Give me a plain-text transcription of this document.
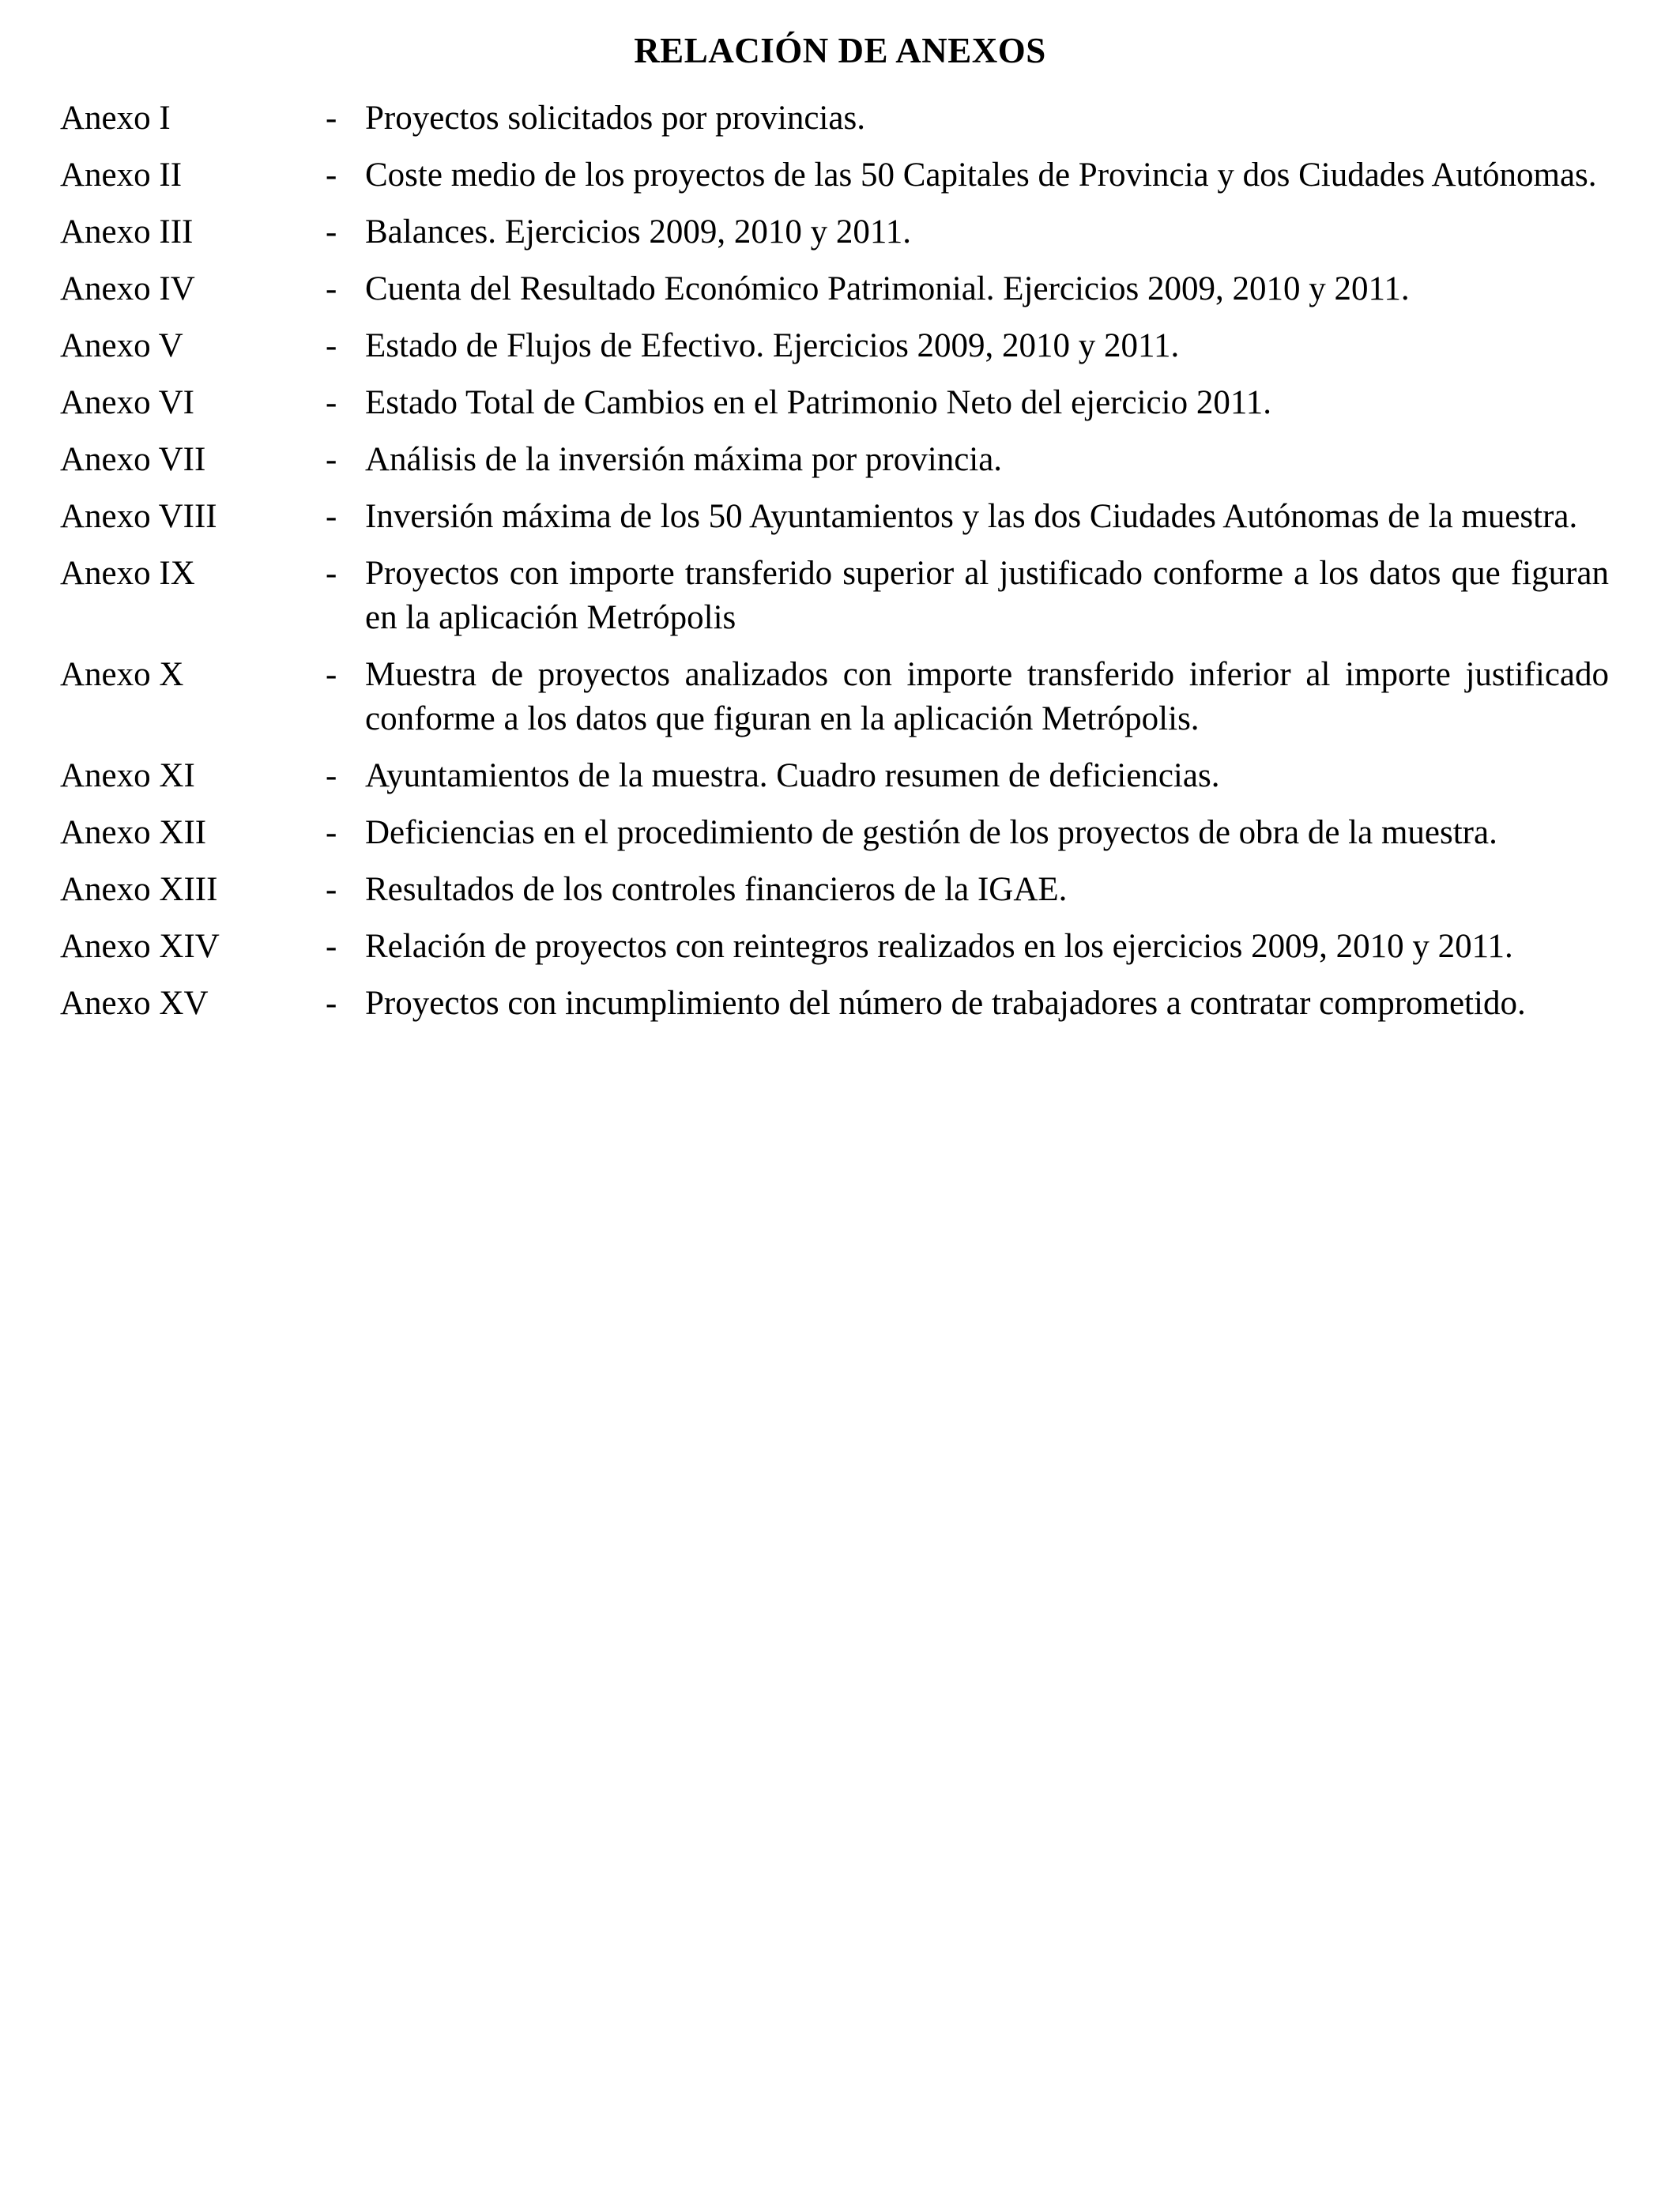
RELACIÓN DE ANEXOS
Anexo I	- Proyectos solicitados por provincias.
Anexo II	- Coste medio de los proyectos de las 50 Capitales de Provincia y dos Ciudades Autónomas.
Anexo III	- Balances. Ejercicios 2009, 2010 y 2011.
Anexo IV	- Cuenta del Resultado Económico Patrimonial. Ejercicios 2009, 2010 y 2011.
Anexo V	- Estado de Flujos de Efectivo. Ejercicios 2009, 2010 y 2011.
Anexo VI	- Estado Total de Cambios en el Patrimonio Neto del ejercicio 2011.
Anexo VII	- Análisis de la inversión máxima por provincia.
Anexo VIII	- Inversión máxima de los 50 Ayuntamientos y las dos Ciudades Autónomas de la muestra.
Anexo IX	- Proyectos con importe transferido superior al justificado conforme a los datos que figuran en la aplicación Metrópolis
Anexo X	- Muestra de proyectos analizados con importe transferido inferior al importe justificado conforme a los datos que figuran en la aplicación Metrópolis.
Anexo XI	- Ayuntamientos de la muestra. Cuadro resumen de deficiencias.
Anexo XII	- Deficiencias en el procedimiento de gestión de los proyectos de obra de la muestra.
Anexo XIII	- Resultados de los controles financieros de la IGAE.
Anexo XIV	- Relación de proyectos con reintegros realizados en los ejercicios 2009, 2010 y 2011.
Anexo XV	- Proyectos con incumplimiento del número de trabajadores a contratar comprometido.
